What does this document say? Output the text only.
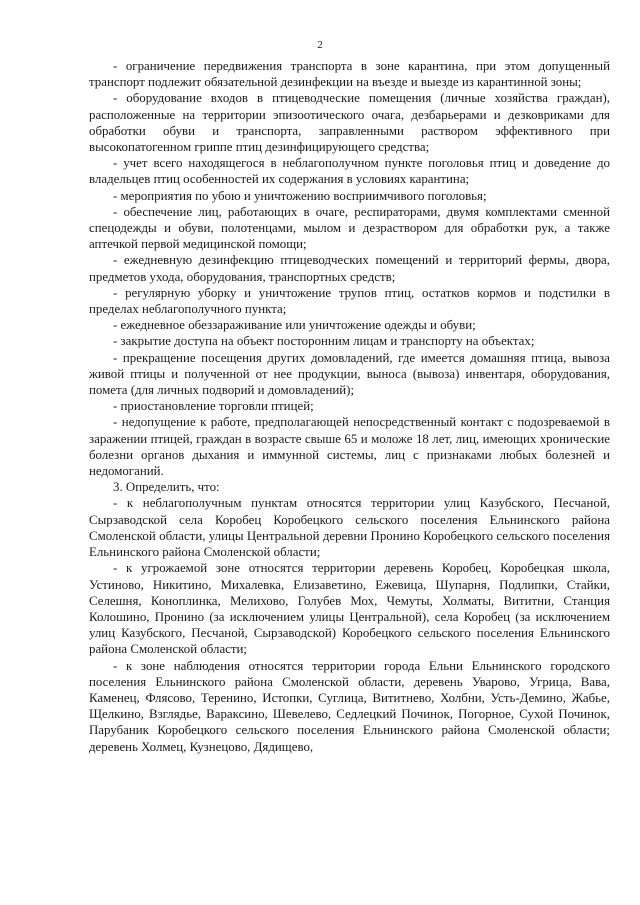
2

- ограничение передвижения транспорта в зоне карантина, при этом допущенный транспорт подлежит обязательной дезинфекции на въезде и выезде из карантинной зоны;

- оборудование входов в птицеводческие помещения (личные хозяйства граждан), расположенные на территории эпизоотического очага, дезбарьерами и дезковриками для обработки обуви и транспорта, заправленными раствором эффективного при высокопатогенном гриппе птиц дезинфицирующего средства;

- учет всего находящегося в неблагополучном пункте поголовья птиц и доведение до владельцев птиц особенностей их содержания в условиях карантина;

- мероприятия по убою и уничтожению восприимчивого поголовья;

- обеспечение лиц, работающих в очаге, респираторами, двумя комплектами сменной спецодежды и обуви, полотенцами, мылом и дезраствором для обработки рук, а также аптечкой первой медицинской помощи;

- ежедневную дезинфекцию птицеводческих помещений и территорий фермы, двора, предметов ухода, оборудования, транспортных средств;

- регулярную уборку и уничтожение трупов птиц, остатков кормов и подстилки в пределах неблагополучного пункта;

- ежедневное обеззараживание или уничтожение одежды и обуви;

- закрытие доступа на объект посторонним лицам и транспорту на объектах;

- прекращение посещения других домовладений, где имеется домашняя птица, вывоза живой птицы и полученной от нее продукции, выноса (вывоза) инвентаря, оборудования, помета (для личных подворий и домовладений);

- приостановление торговли птицей;

- недопущение к работе, предполагающей непосредственный контакт с подозреваемой в заражении птицей, граждан в возрасте свыше 65 и моложе 18 лет, лиц, имеющих хронические болезни органов дыхания и иммунной системы, лиц с признаками любых болезней и недомоганий.

3. Определить, что:

- к неблагополучным пунктам относятся территории улиц Казубского, Песчаной, Сырзаводской села Коробец Коробецкого сельского поселения Ельнинского района Смоленской области, улицы Центральной деревни Пронино Коробецкого сельского поселения Ельнинского района Смоленской области;

- к угрожаемой зоне относятся территории деревень Коробец, Коробецкая школа, Устиново, Никитино, Михалевка, Елизаветино, Ежевица, Шупарня, Подлипки, Стайки, Селешня, Коноплинка, Мелихово, Голубев Мох, Чемуты, Холматы, Вититни, Станция Колошино, Пронино (за исключением улицы Центральной), села Коробец (за исключением улиц Казубского, Песчаной, Сырзаводской) Коробецкого сельского поселения Ельнинского района Смоленской области;

- к зоне наблюдения относятся территории города Ельни Ельнинского городского поселения Ельнинского района Смоленской области, деревень Уварово, Угрица, Вава, Каменец, Флясово, Теренино, Истопки, Суглица, Вититнево, Холбни, Усть-Демино, Жабье, Щелкино, Взглядье, Вараксино, Шевелево, Седлецкий Починок, Погорное, Сухой Починок, Парубаник Коробецкого сельского поселения Ельнинского района Смоленской области; деревень Холмец, Кузнецово, Дядищево,
